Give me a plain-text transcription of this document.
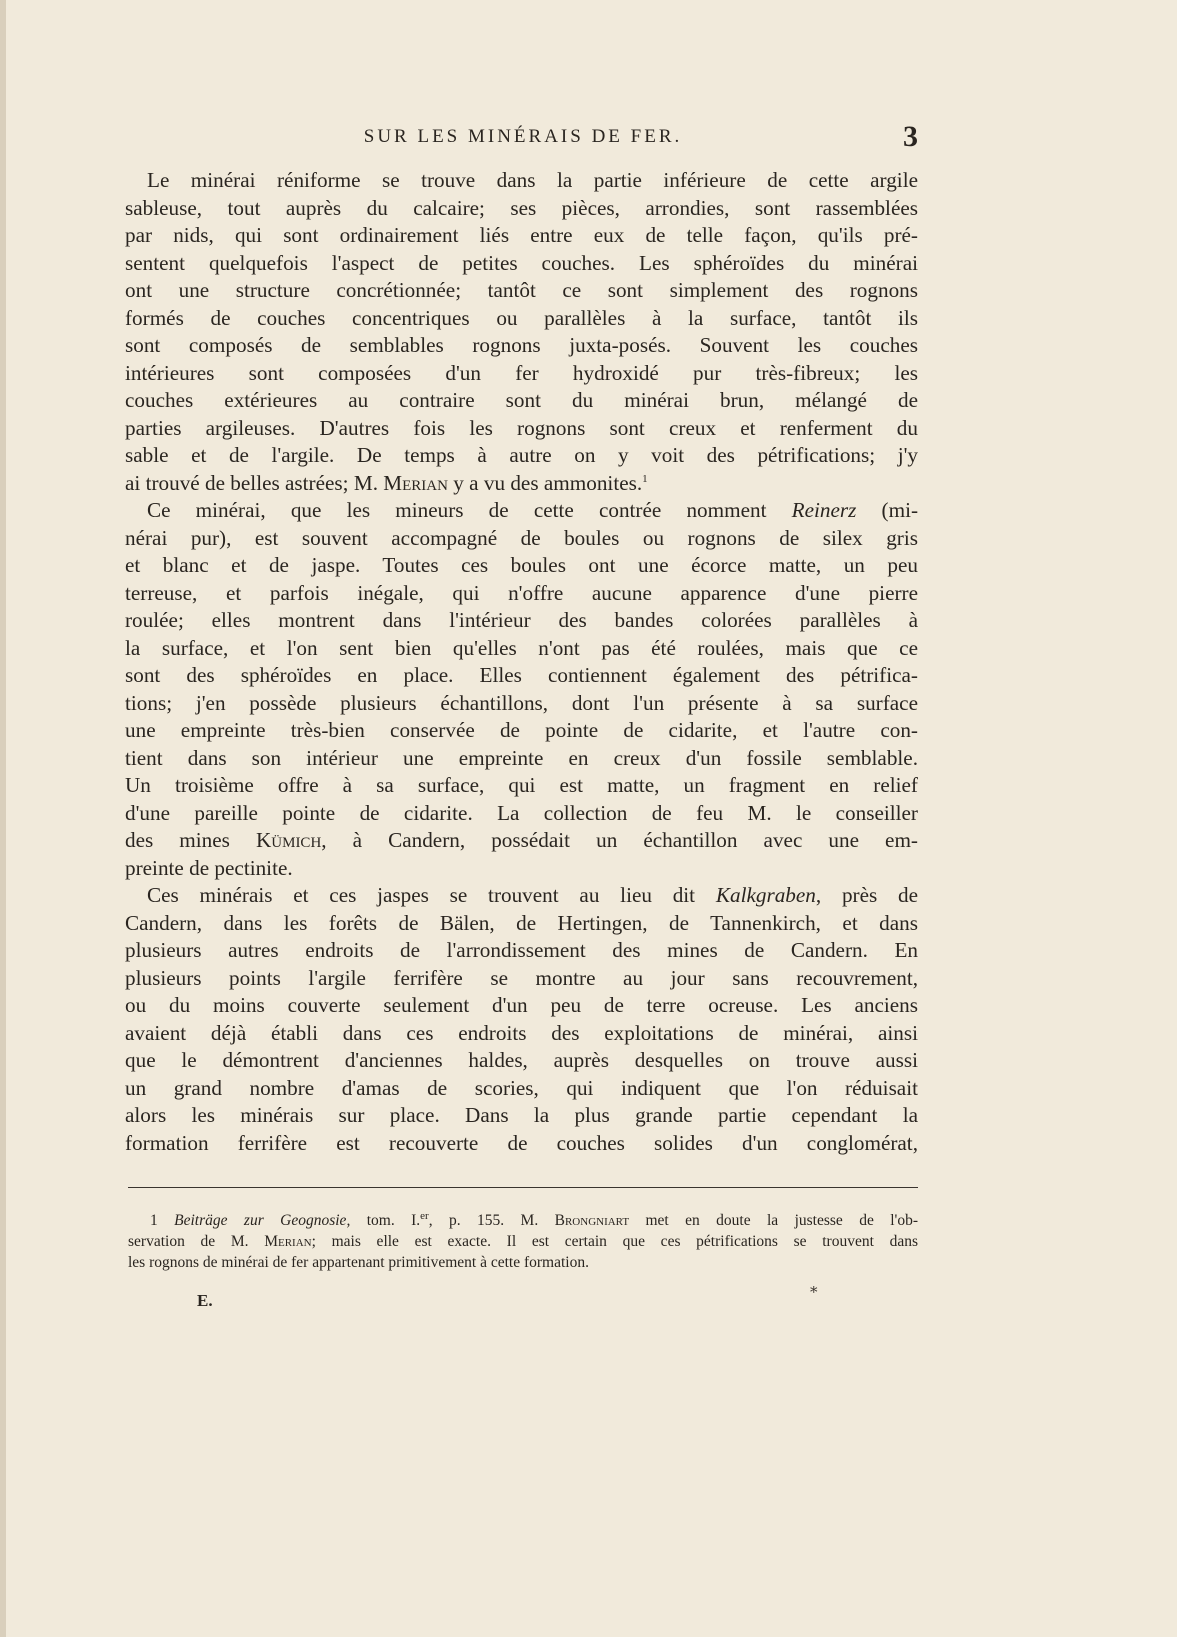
SUR LES MINÉRAIS DE FER.	3
Le minérai réniforme se trouve dans la partie inférieure de cette argile
sableuse, tout auprès du calcaire; ses pièces, arrondies, sont rassemblées
par nids, qui sont ordinairement liés entre eux de telle façon, qu'ils pré-
sentent quelquefois l'aspect de petites couches. Les sphéroïdes du minérai
ont une structure concrétionnée; tantôt ce sont simplement des rognons
formés de couches concentriques ou parallèles à la surface, tantôt ils
sont composés de semblables rognons juxta-posés. Souvent les couches
intérieures sont composées d'un fer hydroxidé pur très-fibreux; les
couches extérieures au contraire sont du minérai brun, mélangé de
parties argileuses. D'autres fois les rognons sont creux et renferment du
sable et de l'argile. De temps à autre on y voit des pétrifications; j'y
ai trouvé de belles astrées; M. Merian y a vu des ammonites.$^1$
Ce minérai, que les mineurs de cette contrée nomment Reinerz (mi-
nérai pur), est souvent accompagné de boules ou rognons de silex gris
et blanc et de jaspe. Toutes ces boules ont une écorce matte, un peu
terreuse, et parfois inégale, qui n'offre aucune apparence d'une pierre
roulée; elles montrent dans l'intérieur des bandes colorées parallèles à
la surface, et l'on sent bien qu'elles n'ont pas été roulées, mais que ce
sont des sphéroïdes en place. Elles contiennent également des pétrifica-
tions; j'en possède plusieurs échantillons, dont l'un présente à sa surface
une empreinte très-bien conservée de pointe de cidarite, et l'autre con-
tient dans son intérieur une empreinte en creux d'un fossile semblable.
Un troisième offre à sa surface, qui est matte, un fragment en relief
d'une pareille pointe de cidarite. La collection de feu M. le conseiller
des mines Kümich, à Candern, possédait un échantillon avec une em-
preinte de pectinite.
Ces minérais et ces jaspes se trouvent au lieu dit Kalkgraben, près de
Candern, dans les forêts de Bälen, de Hertingen, de Tannenkirch, et dans
plusieurs autres endroits de l'arrondissement des mines de Candern. En
plusieurs points l'argile ferrifère se montre au jour sans recouvrement,
ou du moins couverte seulement d'un peu de terre ocreuse. Les anciens
avaient déjà établi dans ces endroits des exploitations de minérai, ainsi
que le démontrent d'anciennes haldes, auprès desquelles on trouve aussi
un grand nombre d'amas de scories, qui indiquent que l'on réduisait
alors les minérais sur place. Dans la plus grande partie cependant la
formation ferrifère est recouverte de couches solides d'un conglomérat,
1 Beiträge zur Geognosie, tom. I.$^{er}$, p. 155. M. Brongniart met en doute la justesse de l'ob-
servation de M. Merian; mais elle est exacte. Il est certain que ces pétrifications se trouvent dans
les rognons de minérai de fer appartenant primitivement à cette formation.
E.	*
